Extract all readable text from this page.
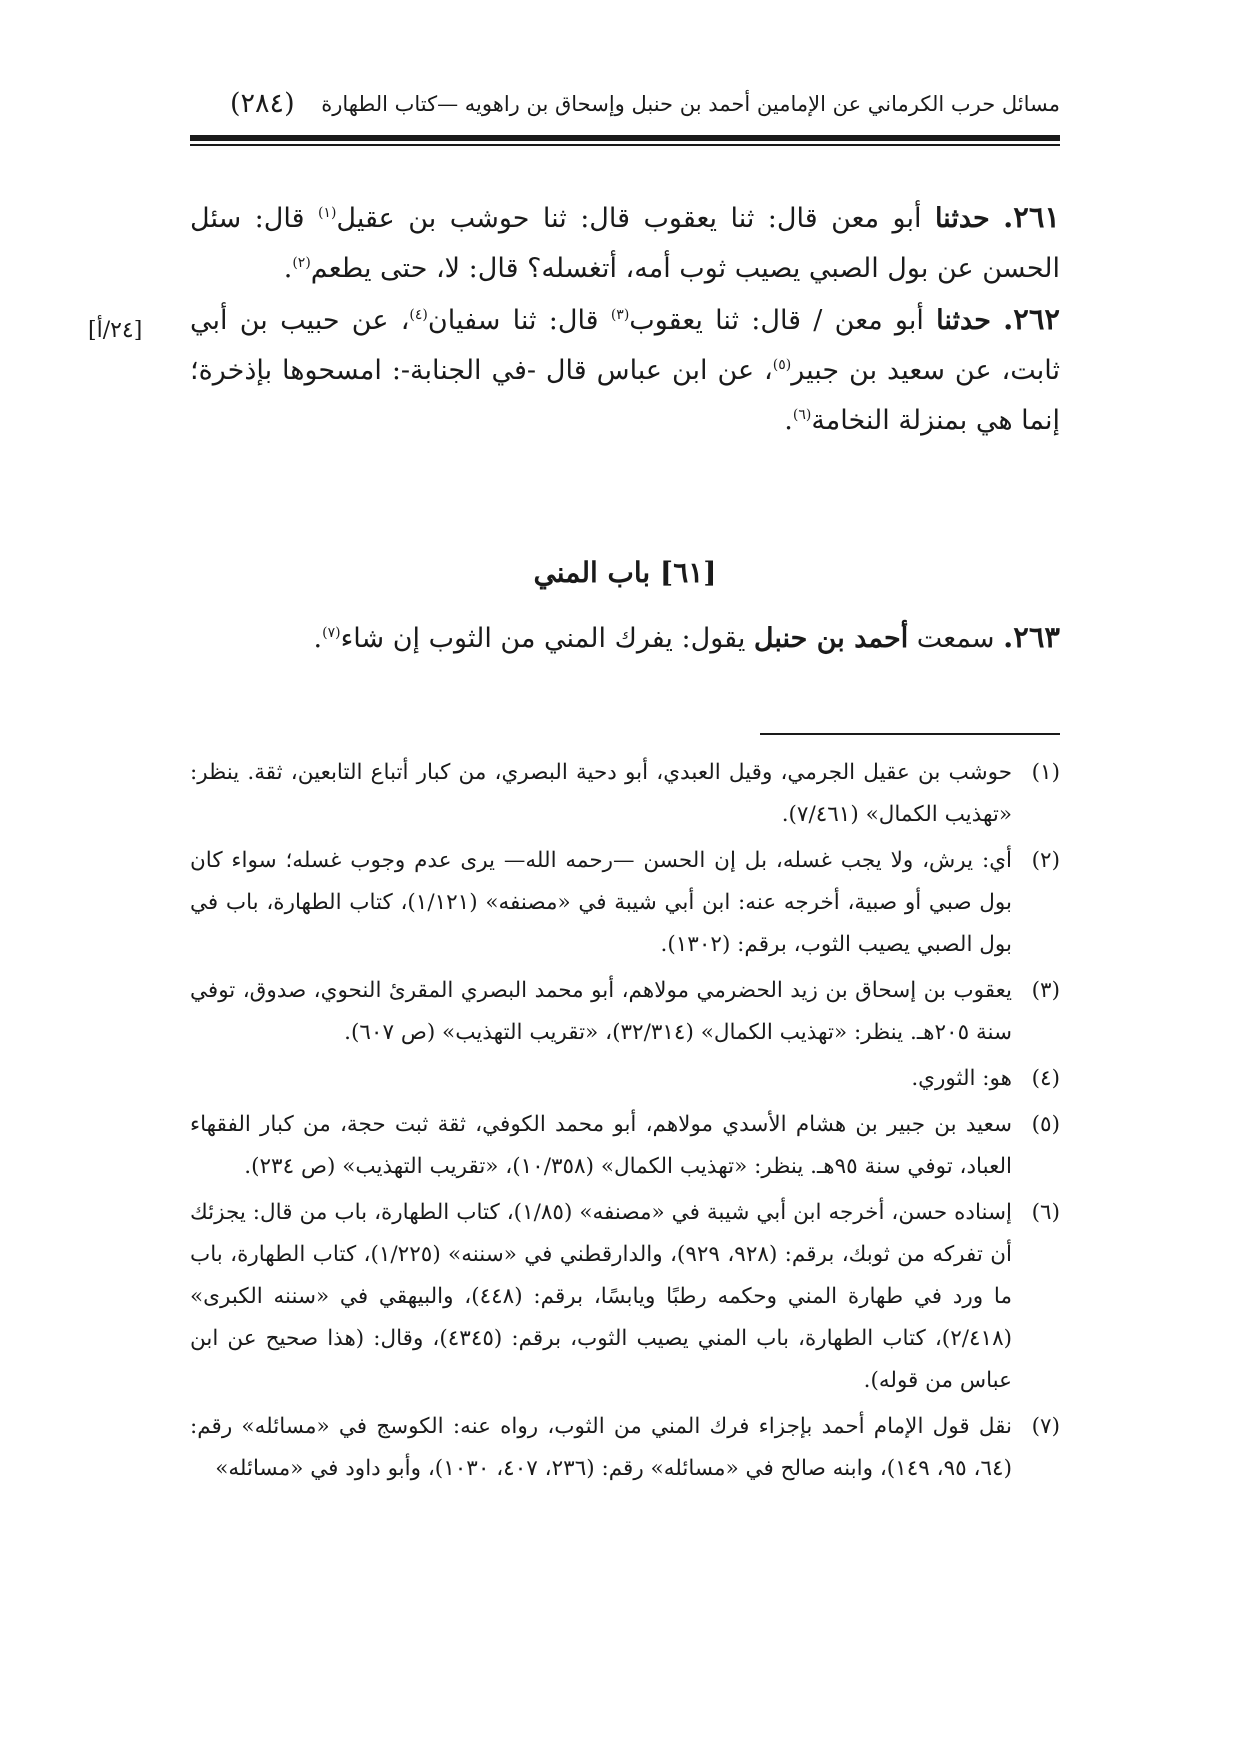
مسائل حرب الكرماني عن الإمامين أحمد بن حنبل وإسحاق بن راهويه —كتاب الطهارة
(٢٨٤)
[٢٤/أ]

٢٦١. حدثنا أبو معن قال: ثنا يعقوب قال: ثنا حوشب بن عقيل$^{(١)}$ قال: سئل الحسن عن بول الصبي يصيب ثوب أمه، أتغسله؟ قال: لا، حتى يطعم$^{(٢)}$.

٢٦٢. حدثنا أبو معن / قال: ثنا يعقوب$^{(٣)}$ قال: ثنا سفيان$^{(٤)}$، عن حبيب بن أبي ثابت، عن سعيد بن جبير$^{(٥)}$، عن ابن عباس قال -في الجنابة-: امسحوها بإذخرة؛ إنما هي بمنزلة النخامة$^{(٦)}$.

[٦١] باب المني

٢٦٣. سمعت أحمد بن حنبل يقول: يفرك المني من الثوب إن شاء$^{(٧)}$.

(١)
حوشب بن عقيل الجرمي، وقيل العبدي، أبو دحية البصري، من كبار أتباع التابعين، ثقة. ينظر: «تهذيب الكمال» (٧/٤٦١).

(٢)
أي: يرش، ولا يجب غسله، بل إن الحسن —رحمه الله— يرى عدم وجوب غسله؛ سواء كان بول صبي أو صبية، أخرجه عنه: ابن أبي شيبة في «مصنفه» (١/١٢١)، كتاب الطهارة، باب في بول الصبي يصيب الثوب، برقم: (١٣٠٢).

(٣)
يعقوب بن إسحاق بن زيد الحضرمي مولاهم، أبو محمد البصري المقرئ النحوي، صدوق، توفي سنة ٢٠٥هـ. ينظر: «تهذيب الكمال» (٣٢/٣١٤)، «تقريب التهذيب» (ص ٦٠٧).

(٤)
هو: الثوري.

(٥)
سعيد بن جبير بن هشام الأسدي مولاهم، أبو محمد الكوفي، ثقة ثبت حجة، من كبار الفقهاء العباد، توفي سنة ٩٥هـ. ينظر: «تهذيب الكمال» (١٠/٣٥٨)، «تقريب التهذيب» (ص ٢٣٤).

(٦)
إسناده حسن، أخرجه ابن أبي شيبة في «مصنفه» (١/٨٥)، كتاب الطهارة، باب من قال: يجزئك أن تفركه من ثوبك، برقم: (٩٢٨، ٩٢٩)، والدارقطني في «سننه» (١/٢٢٥)، كتاب الطهارة، باب ما ورد في طهارة المني وحكمه رطبًا ويابسًا، برقم: (٤٤٨)، والبيهقي في «سننه الكبرى» (٢/٤١٨)، كتاب الطهارة، باب المني يصيب الثوب، برقم: (٤٣٤٥)، وقال: (هذا صحيح عن ابن عباس من قوله).

(٧)
نقل قول الإمام أحمد بإجزاء فرك المني من الثوب، رواه عنه: الكوسج في «مسائله» رقم: (٦٤، ٩٥، ١٤٩)، وابنه صالح في «مسائله» رقم: (٢٣٦، ٤٠٧، ١٠٣٠)، وأبو داود في «مسائله»
